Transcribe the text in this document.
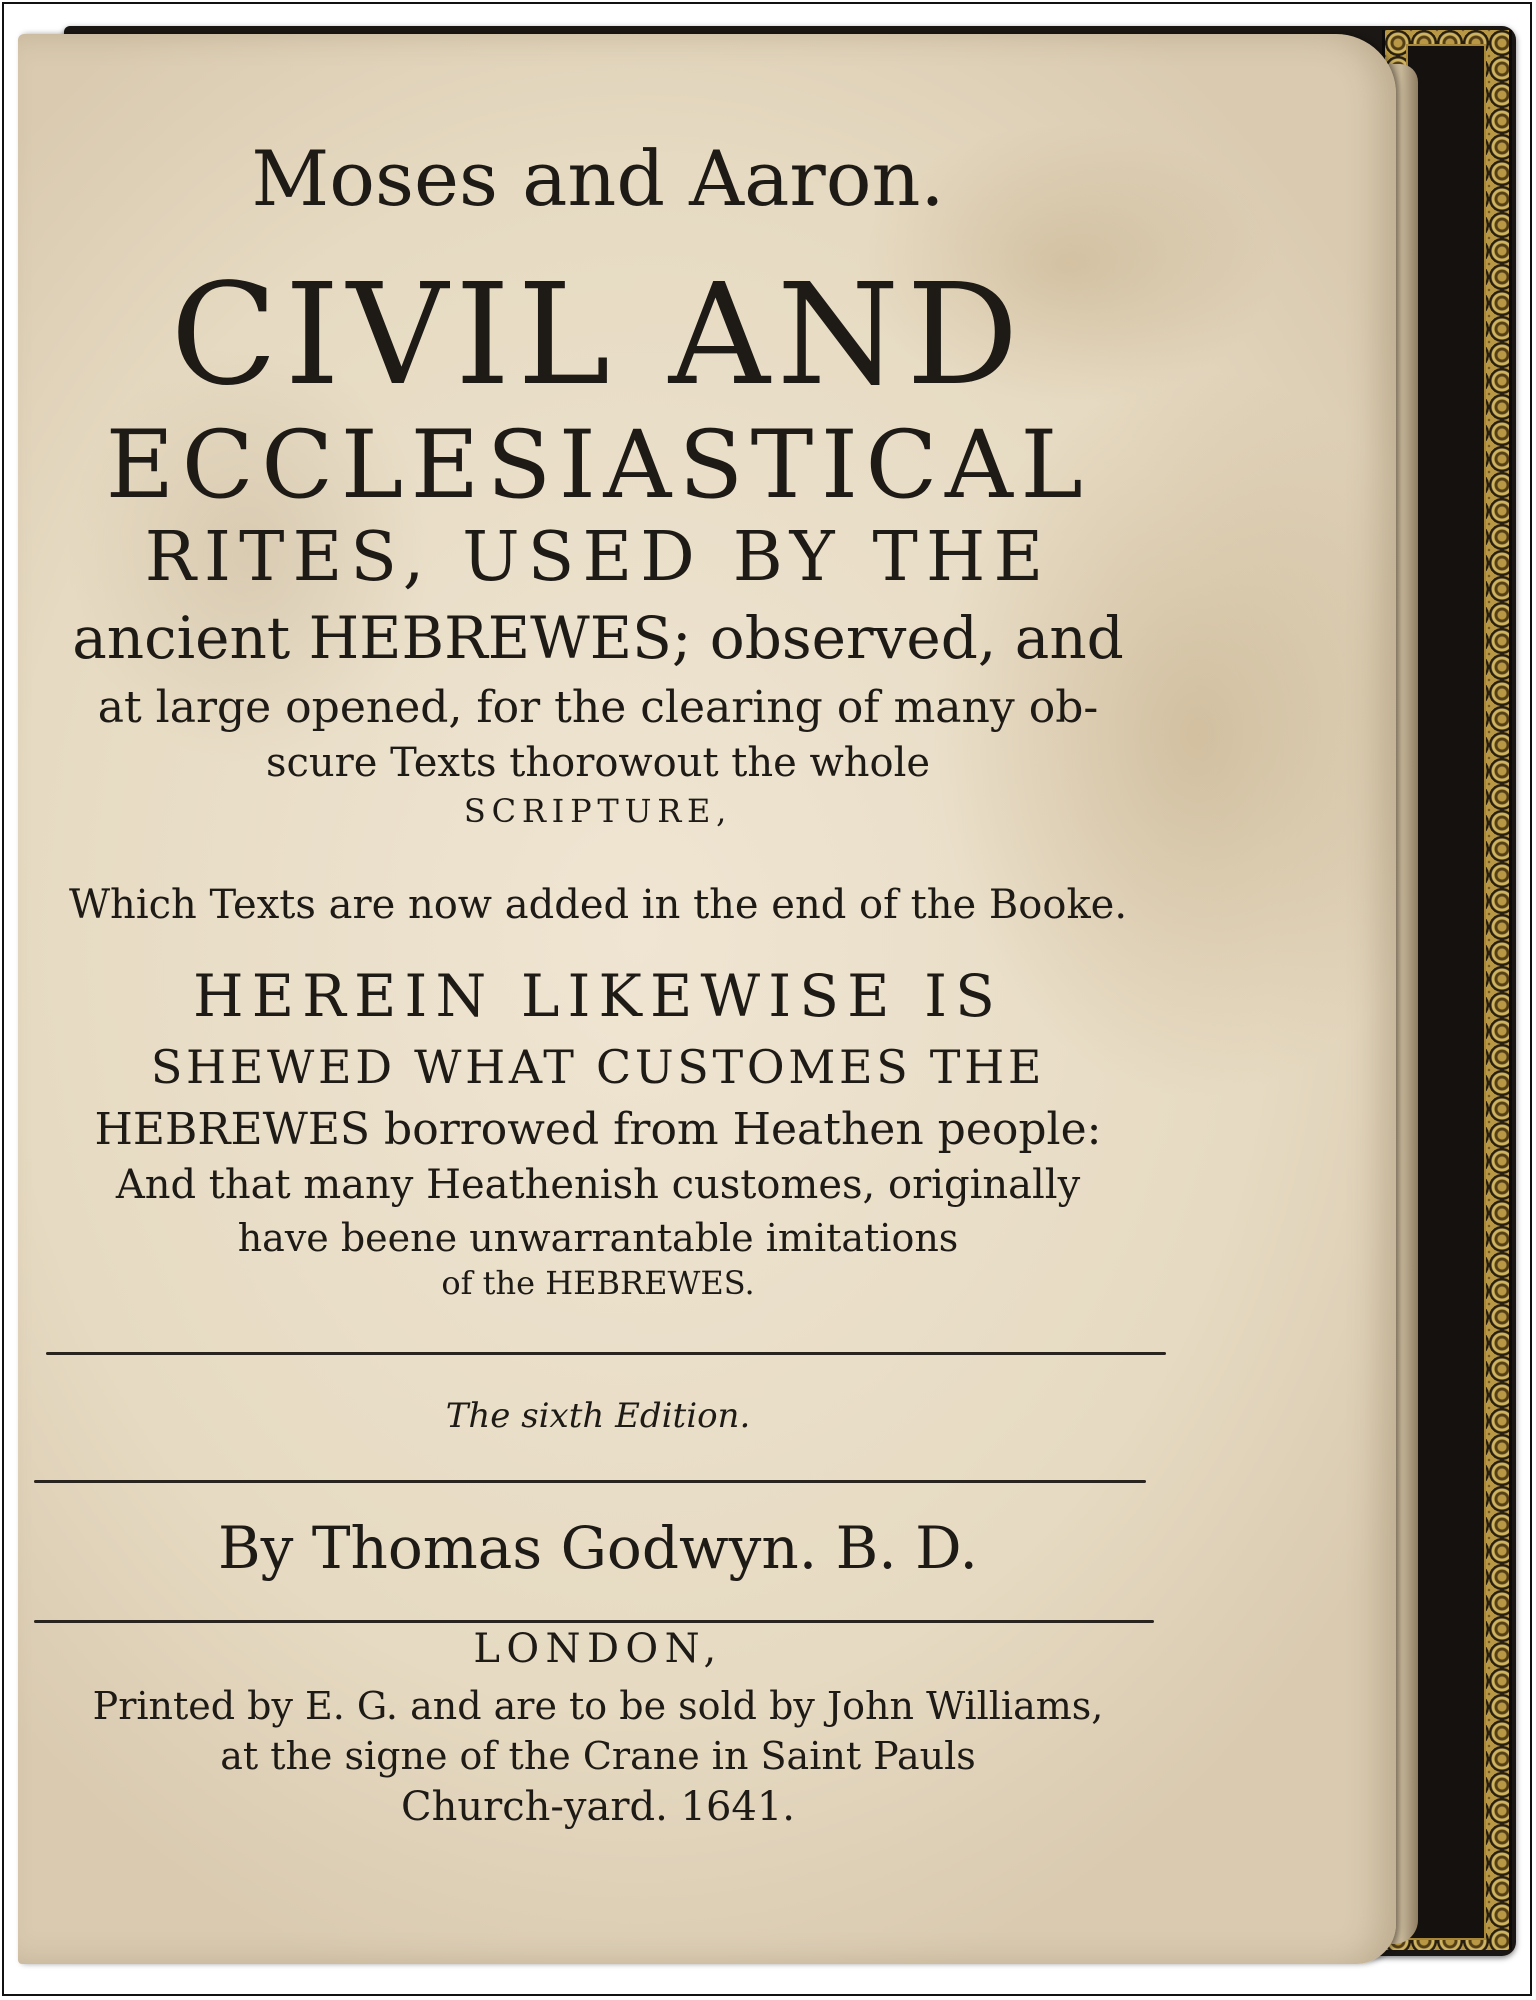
Moses and Aaron.

CIVIL AND

ECCLESIASTICAL

RITES, USED BY THE

ancient HEBREWES; observed, and

at large opened, for the clearing of many ob-

scure Texts thorowout the whole

SCRIPTURE,

Which Texts are now added in the end of the Booke.

HEREIN LIKEWISE IS

SHEWED WHAT CUSTOMES THE

HEBREWES borrowed from Heathen people:

And that many Heathenish customes, originally

have beene unwarrantable imitations

of the HEBREWES.

The sixth Edition.

By Thomas Godwyn. B. D.

LONDON,

Printed by E. G. and are to be sold by John Williams,

at the signe of the Crane in Saint Pauls

Church-yard. 1641.
